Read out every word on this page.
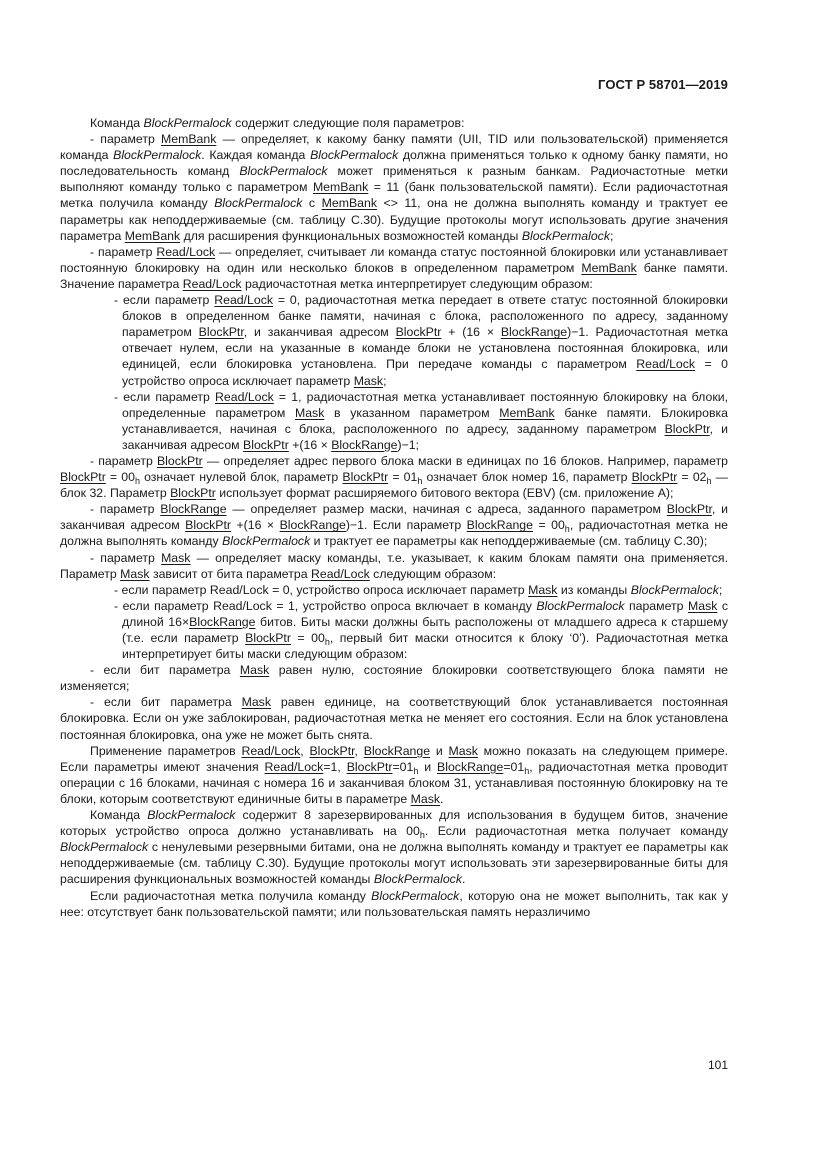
ГОСТ Р 58701—2019

Команда BlockPermalock содержит следующие поля параметров:

- параметр MemBank — определяет, к какому банку памяти (UII, TID или пользовательской) применяется команда BlockPermalock. Каждая команда BlockPermalock должна применяться только к одному банку памяти, но последовательность команд BlockPermalock может применяться к разным банкам. Радиочастотные метки выполняют команду только с параметром MemBank = 11 (банк пользовательской памяти). Если радиочастотная метка получила команду BlockPermalock с MemBank <> 11, она не должна выполнять команду и трактует ее параметры как неподдерживаемые (см. таблицу С.30). Будущие протоколы могут использовать другие значения параметра MemBank для расширения функциональных возможностей команды BlockPermalock;

- параметр Read/Lock — определяет, считывает ли команда статус постоянной блокировки или устанавливает постоянную блокировку на один или несколько блоков в определенном параметром MemBank банке памяти. Значение параметра Read/Lock радиочастотная метка интерпретирует следующим образом:

- если параметр Read/Lock = 0, радиочастотная метка передает в ответе статус постоянной блокировки блоков в определенном банке памяти, начиная с блока, расположенного по адресу, заданному параметром BlockPtr, и заканчивая адресом BlockPtr + (16 × BlockRange)−1. Радиочастотная метка отвечает нулем, если на указанные в команде блоки не установлена постоянная блокировка, или единицей, если блокировка установлена. При передаче команды с параметром Read/Lock = 0 устройство опроса исключает параметр Mask;

- если параметр Read/Lock = 1, радиочастотная метка устанавливает постоянную блокировку на блоки, определенные параметром Mask в указанном параметром MemBank банке памяти. Блокировка устанавливается, начиная с блока, расположенного по адресу, заданному параметром BlockPtr, и заканчивая адресом BlockPtr +(16 × BlockRange)−1;

- параметр BlockPtr — определяет адрес первого блока маски в единицах по 16 блоков. Например, параметр BlockPtr = $00_h$ означает нулевой блок, параметр BlockPtr = $01_h$ означает блок номер 16, параметр BlockPtr = $02_h$ — блок 32. Параметр BlockPtr использует формат расширяемого битового вектора (EBV) (см. приложение А);

- параметр BlockRange — определяет размер маски, начиная с адреса, заданного параметром BlockPtr, и заканчивая адресом BlockPtr +(16 × BlockRange)−1. Если параметр BlockRange = $00_h$, радиочастотная метка не должна выполнять команду BlockPermalock и трактует ее параметры как неподдерживаемые (см. таблицу С.30);

- параметр Mask — определяет маску команды, т.е. указывает, к каким блокам памяти она применяется. Параметр Mask зависит от бита параметра Read/Lock следующим образом:

- если параметр Read/Lock = 0, устройство опроса исключает параметр Mask из команды BlockPermalock;

- если параметр Read/Lock = 1, устройство опроса включает в команду BlockPermalock параметр Mask с длиной 16×BlockRange битов. Биты маски должны быть расположены от младшего адреса к старшему (т.е. если параметр BlockPtr = $00_h$, первый бит маски относится к блоку ‘0’). Радиочастотная метка интерпретирует биты маски следующим образом:

- если бит параметра Mask равен нулю, состояние блокировки соответствующего блока памяти не изменяется;

- если бит параметра Mask равен единице, на соответствующий блок устанавливается постоянная блокировка. Если он уже заблокирован, радиочастотная метка не меняет его состояния. Если на блок установлена постоянная блокировка, она уже не может быть снята.

Применение параметров Read/Lock, BlockPtr, BlockRange и Mask можно показать на следующем примере. Если параметры имеют значения Read/Lock=1, $BlockPtr=01_h$ и $BlockRange=01_h$, радиочастотная метка проводит операции с 16 блоками, начиная с номера 16 и заканчивая блоком 31, устанавливая постоянную блокировку на те блоки, которым соответствуют единичные биты в параметре Mask.

Команда BlockPermalock содержит 8 зарезервированных для использования в будущем битов, значение которых устройство опроса должно устанавливать на $00_h$. Если радиочастотная метка получает команду BlockPermalock с ненулевыми резервными битами, она не должна выполнять команду и трактует ее параметры как неподдерживаемые (см. таблицу С.30). Будущие протоколы могут использовать эти зарезервированные биты для расширения функциональных возможностей команды BlockPermalock.

Если радиочастотная метка получила команду BlockPermalock, которую она не может выполнить, так как у нее: отсутствует банк пользовательской памяти; или пользовательская память неразличимо

101
